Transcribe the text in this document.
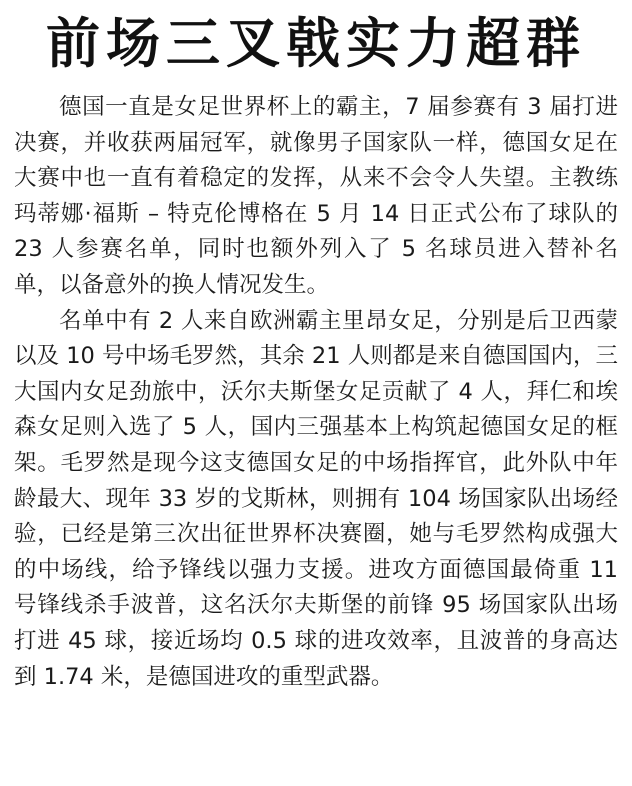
前场三叉戟实力超群

德国一直是女足世界杯上的霸主，7 届参赛有 3 届打进决赛，并收获两届冠军，就像男子国家队一样，德国女足在大赛中也一直有着稳定的发挥，从来不会令人失望。主教练玛蒂娜·福斯 – 特克伦博格在 5 月 14 日正式公布了球队的 23 人参赛名单，同时也额外列入了 5 名球员进入替补名单，以备意外的换人情况发生。

名单中有 2 人来自欧洲霸主里昂女足，分别是后卫西蒙以及 10 号中场毛罗然，其余 21 人则都是来自德国国内，三大国内女足劲旅中，沃尔夫斯堡女足贡献了 4 人，拜仁和埃森女足则入选了 5 人，国内三强基本上构筑起德国女足的框架。毛罗然是现今这支德国女足的中场指挥官，此外队中年龄最大、现年 33 岁的戈斯林，则拥有 104 场国家队出场经验，已经是第三次出征世界杯决赛圈，她与毛罗然构成强大的中场线，给予锋线以强力支援。进攻方面德国最倚重 11 号锋线杀手波普，这名沃尔夫斯堡的前锋 95 场国家队出场打进 45 球，接近场均 0.5 球的进攻效率，且波普的身高达到 1.74 米，是德国进攻的重型武器。
